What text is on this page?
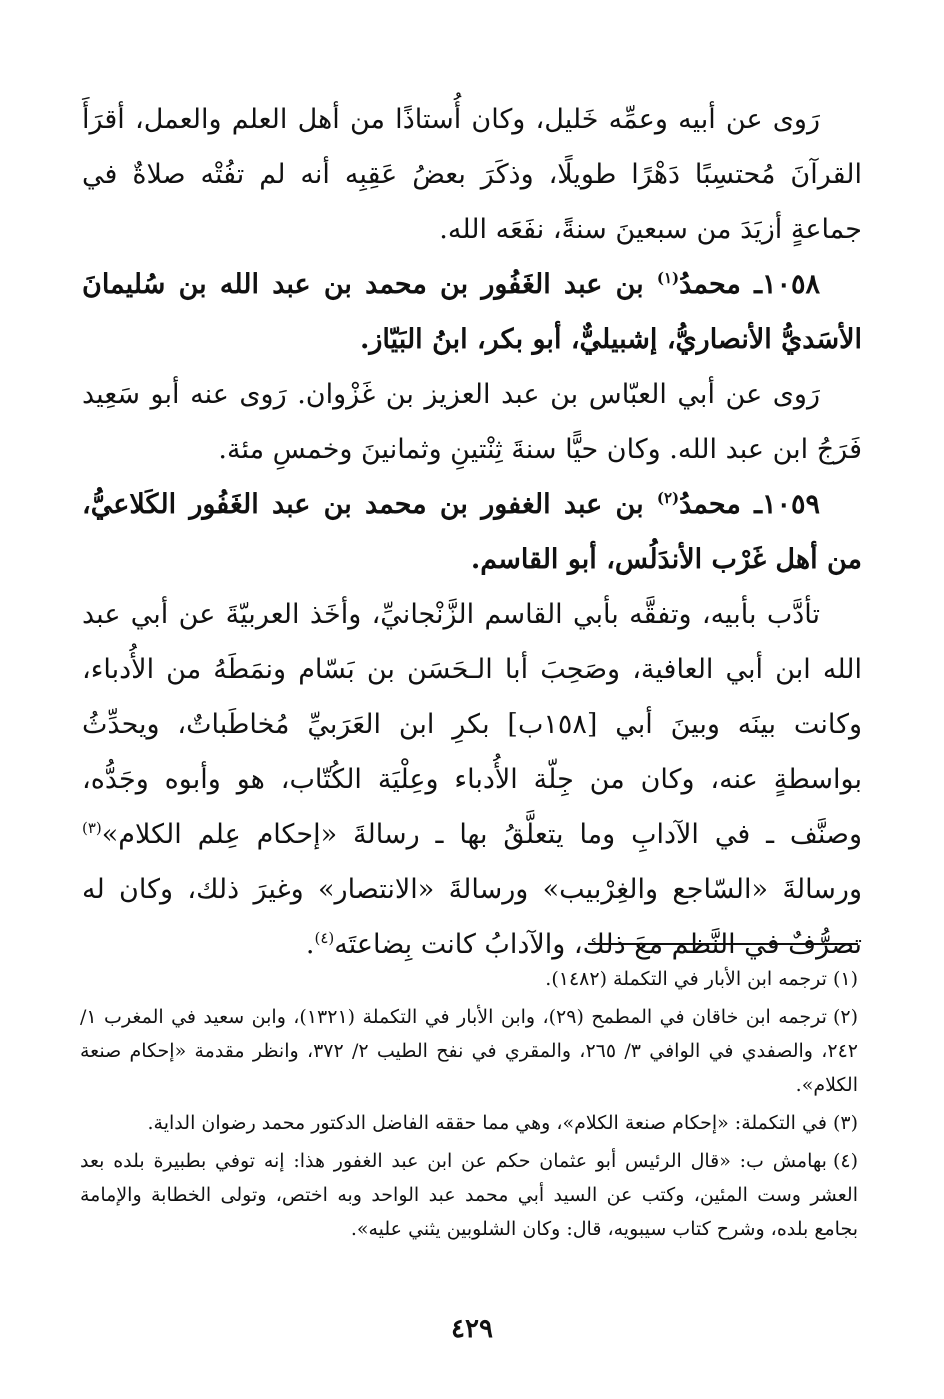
رَوى عن أبيه وعمِّه خَليل، وكان أُستاذًا من أهل العلم والعمل، أقرَأَ القرآنَ مُحتسِبًا دَهْرًا طويلًا، وذكَرَ بعضُ عَقِبِه أنه لم تفُتْه صلاةٌ في جماعةٍ أزيَدَ من سبعينَ سنةً، نفَعَه الله.

١٠٥٨ـ محمدُ$^{(١)}$ بن عبد الغَفُور بن محمد بن عبد الله بن سُليمانَ الأسَديُّ الأنصاريُّ، إشبيليٌّ، أبو بكر، ابنُ البَيّاز.

رَوى عن أبي العبّاس بن عبد العزيز بن غَزْوان. رَوى عنه أبو سَعِيد فَرَجُ ابن عبد الله. وكان حيًّا سنةَ ثِنْتينِ وثمانينَ وخمسِ مئة.

١٠٥٩ـ محمدُ$^{(٢)}$ بن عبد الغفور بن محمد بن عبد الغَفُور الكَلاعيُّ، من أهل غَرْب الأندَلُس، أبو القاسم.

تأدَّب بأبيه، وتفقَّه بأبي القاسم الزَّنْجانيِّ، وأخَذ العربيّةَ عن أبي عبد الله ابن أبي العافية، وصَحِبَ أبا الـحَسَن بن بَسّام ونمَطَهُ من الأُدباء، وكانت بينَه وبينَ أبي [١٥٨ب] بكرِ ابن العَرَبيِّ مُخاطَباتٌ، ويحدِّثُ بواسطةٍ عنه، وكان من جِلّة الأُدباء وعِلْيَة الكُتّاب، هو وأبوه وجَدُّه، وصنَّف ـ في الآدابِ وما يتعلَّقُ بها ـ رسالةَ «إحكام عِلم الكلام»$^{(٣)}$ ورسالةَ «السّاجع والغِرْبيب» ورسالةَ «الانتصار» وغيرَ ذلك، وكان له تصرُّفٌ في النَّظم معَ ذلك، والآدابُ كانت بِضاعتَه$^{(٤)}$.

(١)ترجمه ابن الأبار في التكملة (١٤٨٢).

(٢)ترجمه ابن خاقان في المطمح (٢٩)، وابن الأبار في التكملة (١٣٢١)، وابن سعيد في المغرب ١/ ٢٤٢، والصفدي في الوافي ٣/ ٢٦٥، والمقري في نفح الطيب ٢/ ٣٧٢، وانظر مقدمة «إحكام صنعة الكلام».

(٣)في التكملة: «إحكام صنعة الكلام»، وهي مما حققه الفاضل الدكتور محمد رضوان الداية.

(٤)بهامش ب: «قال الرئيس أبو عثمان حكم عن ابن عبد الغفور هذا: إنه توفي بطبيرة بلده بعد العشر وست المئين، وكتب عن السيد أبي محمد عبد الواحد وبه اختص، وتولى الخطابة والإمامة بجامع بلده، وشرح كتاب سيبويه، قال: وكان الشلوبين يثني عليه».

٤٢٩
